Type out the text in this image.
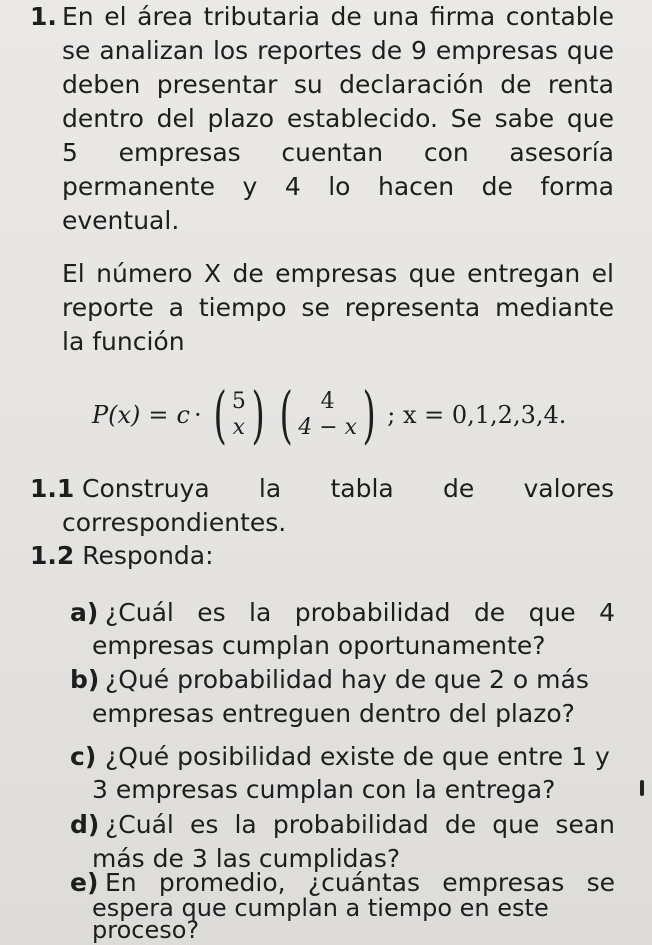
1. En el área tributaria de una firma contable
se analizan los reportes de 9 empresas que
deben presentar su declaración de renta
dentro del plazo establecido. Se sabe que
5 empresas cuentan con asesoría
permanente y 4 lo hacen de forma
eventual.
El número X de empresas que entregan el
reporte a tiempo se representa mediante
la función
P(x) = c · ( 5
x ) ( 4
4 − x ) ; x = 0,1,2,3,4.
1.1 Construya la tabla de valores
correspondientes.
1.2 Responda:
a) ¿Cuál es la probabilidad de que 4
empresas cumplan oportunamente?
b) ¿Qué probabilidad hay de que 2 o más
empresas entreguen dentro del plazo?
c) ¿Qué posibilidad existe de que entre 1 y
3 empresas cumplan con la entrega?
d) ¿Cuál es la probabilidad de que sean
más de 3 las cumplidas?
e) En promedio, ¿cuántas empresas se
espera que cumplan a tiempo en este
proceso?
